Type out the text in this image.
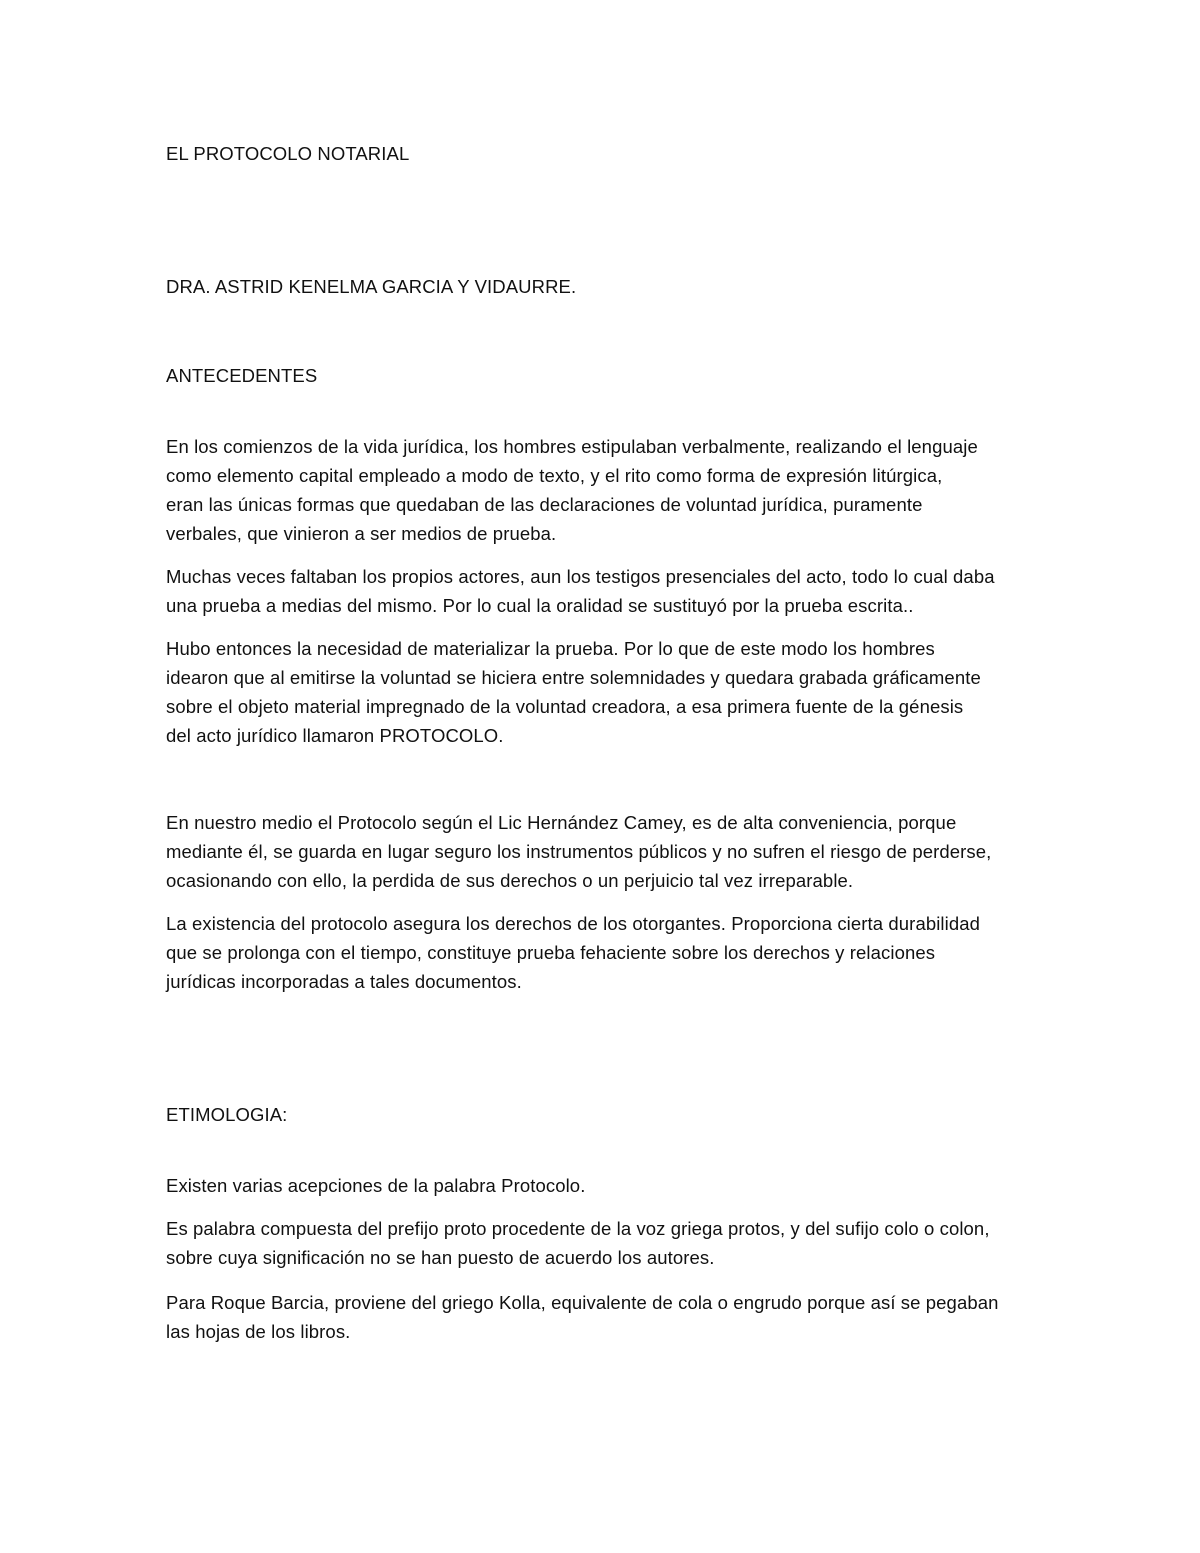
EL PROTOCOLO NOTARIAL

DRA. ASTRID KENELMA GARCIA Y VIDAURRE.

ANTECEDENTES

En los comienzos de la vida jurídica, los hombres estipulaban verbalmente, realizando el lenguaje

como elemento capital empleado a modo de texto, y el rito como forma de expresión litúrgica,

eran las únicas formas que quedaban de las declaraciones de voluntad jurídica, puramente

verbales, que vinieron a ser medios de prueba.

Muchas veces faltaban los propios actores, aun los testigos presenciales del acto, todo lo cual daba

una prueba a medias del mismo. Por lo cual la oralidad se sustituyó por la prueba escrita..

Hubo entonces la necesidad de materializar la prueba. Por lo que de este modo los hombres

idearon que al emitirse la voluntad se hiciera entre solemnidades y quedara grabada gráficamente

sobre el objeto material impregnado de la voluntad creadora, a esa primera fuente de la génesis

del acto jurídico llamaron PROTOCOLO.

En nuestro medio el Protocolo según el Lic Hernández Camey, es de alta conveniencia, porque

mediante él, se guarda en lugar seguro los instrumentos públicos y no sufren el riesgo de perderse,

ocasionando con ello, la perdida de sus derechos o un perjuicio tal vez irreparable.

La existencia del protocolo asegura los derechos de los otorgantes. Proporciona cierta durabilidad

que se prolonga con el tiempo, constituye prueba fehaciente sobre los derechos y relaciones

jurídicas incorporadas a tales documentos.

ETIMOLOGIA:

Existen varias acepciones de la palabra Protocolo.

Es palabra compuesta del prefijo proto procedente de la voz griega protos, y del sufijo colo o colon,

sobre cuya significación no se han puesto de acuerdo los autores.

Para Roque Barcia, proviene del griego Kolla, equivalente de cola o engrudo porque así se pegaban

las hojas de los libros.
